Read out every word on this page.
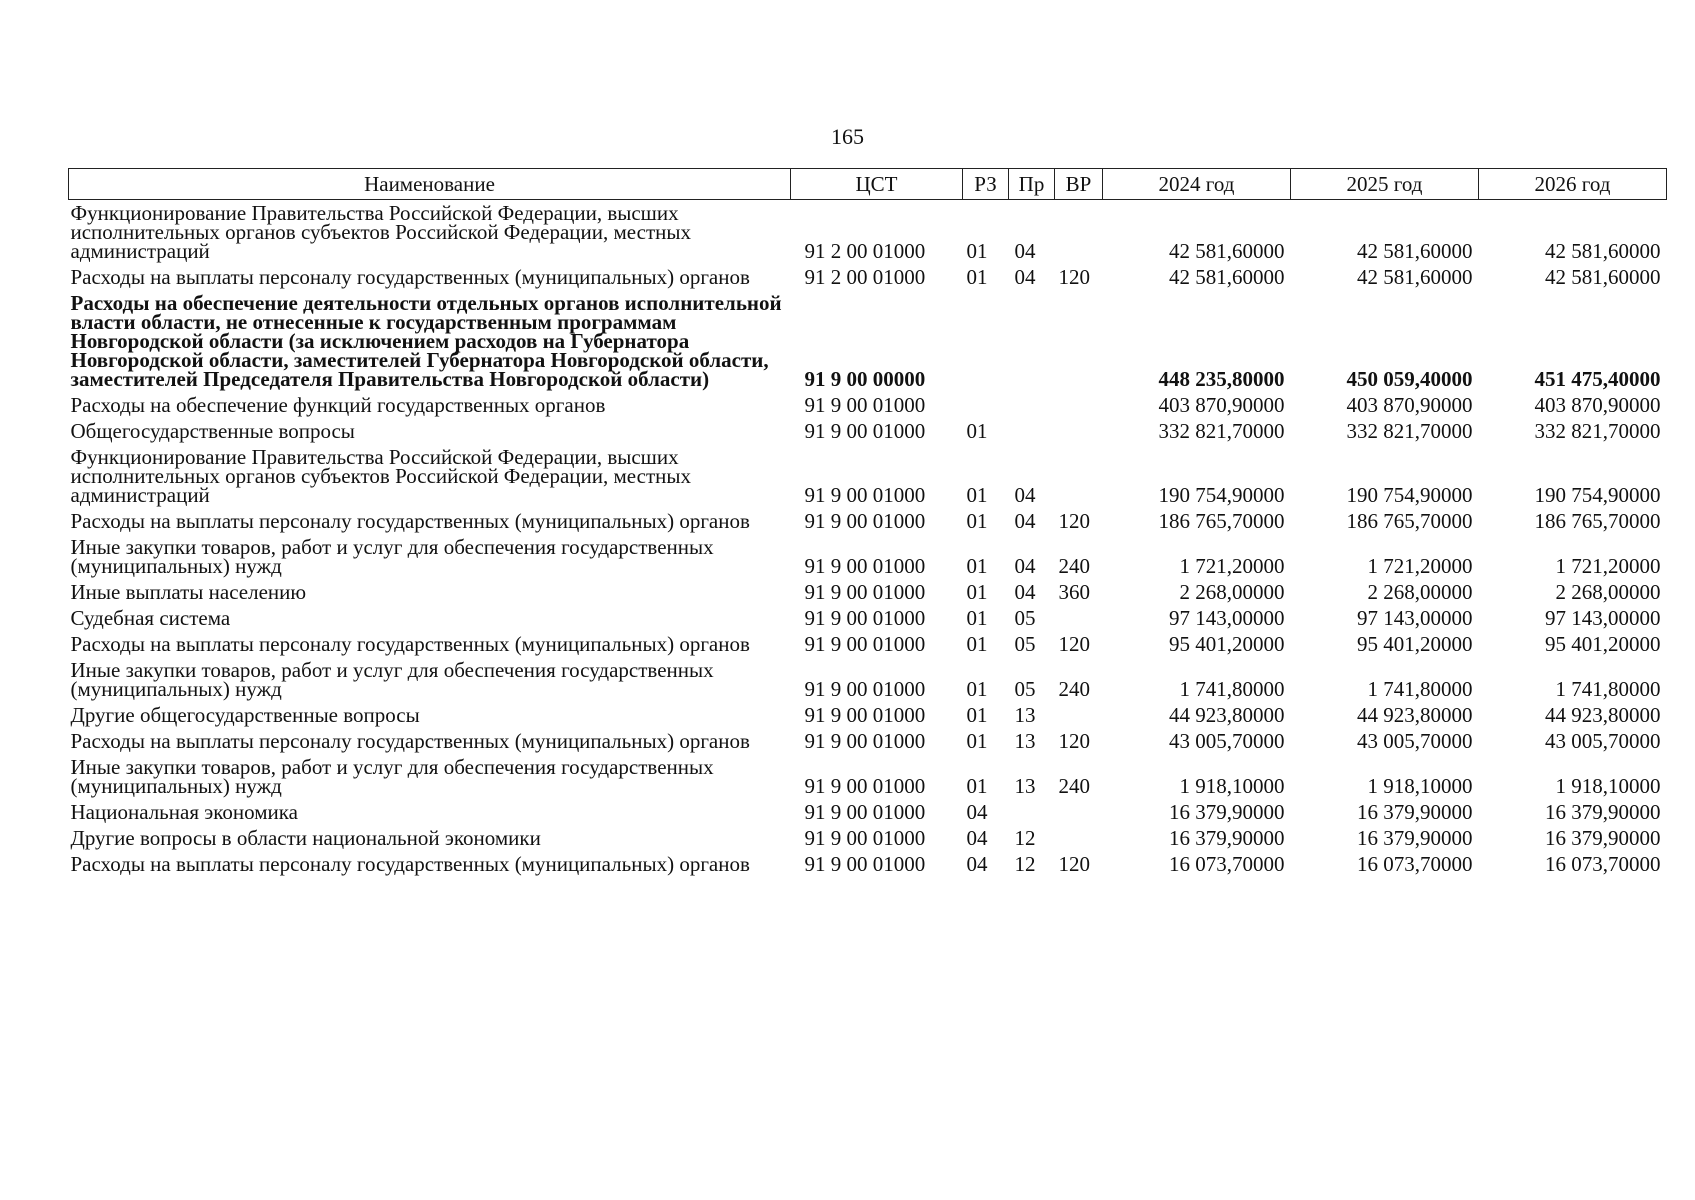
165
Наименование	ЦСТ	РЗ	Пр	ВР	2024 год	2025 год	2026 год
Функционирование Правительства Российской Федерации, высших исполнительных органов субъектов Российской Федерации, местных администраций	91 2 00 01000	01	04		42 581,60000	42 581,60000	42 581,60000
Расходы на выплаты персоналу государственных (муниципальных) органов	91 2 00 01000	01	04	120	42 581,60000	42 581,60000	42 581,60000
Расходы на обеспечение деятельности отдельных органов исполнительной власти области, не отнесенные к государственным программам Новгородской области (за исключением расходов на Губернатора Новгородской области, заместителей Губернатора Новгородской области, заместителей Председателя Правительства Новгородской области)	91 9 00 00000				448 235,80000	450 059,40000	451 475,40000
Расходы на обеспечение функций государственных органов	91 9 00 01000				403 870,90000	403 870,90000	403 870,90000
Общегосударственные вопросы	91 9 00 01000	01			332 821,70000	332 821,70000	332 821,70000
Функционирование Правительства Российской Федерации, высших исполнительных органов субъектов Российской Федерации, местных администраций	91 9 00 01000	01	04		190 754,90000	190 754,90000	190 754,90000
Расходы на выплаты персоналу государственных (муниципальных) органов	91 9 00 01000	01	04	120	186 765,70000	186 765,70000	186 765,70000
Иные закупки товаров, работ и услуг для обеспечения государственных (муниципальных) нужд	91 9 00 01000	01	04	240	1 721,20000	1 721,20000	1 721,20000
Иные выплаты населению	91 9 00 01000	01	04	360	2 268,00000	2 268,00000	2 268,00000
Судебная система	91 9 00 01000	01	05		97 143,00000	97 143,00000	97 143,00000
Расходы на выплаты персоналу государственных (муниципальных) органов	91 9 00 01000	01	05	120	95 401,20000	95 401,20000	95 401,20000
Иные закупки товаров, работ и услуг для обеспечения государственных (муниципальных) нужд	91 9 00 01000	01	05	240	1 741,80000	1 741,80000	1 741,80000
Другие общегосударственные вопросы	91 9 00 01000	01	13		44 923,80000	44 923,80000	44 923,80000
Расходы на выплаты персоналу государственных (муниципальных) органов	91 9 00 01000	01	13	120	43 005,70000	43 005,70000	43 005,70000
Иные закупки товаров, работ и услуг для обеспечения государственных (муниципальных) нужд	91 9 00 01000	01	13	240	1 918,10000	1 918,10000	1 918,10000
Национальная экономика	91 9 00 01000	04			16 379,90000	16 379,90000	16 379,90000
Другие вопросы в области национальной экономики	91 9 00 01000	04	12		16 379,90000	16 379,90000	16 379,90000
Расходы на выплаты персоналу государственных (муниципальных) органов	91 9 00 01000	04	12	120	16 073,70000	16 073,70000	16 073,70000
